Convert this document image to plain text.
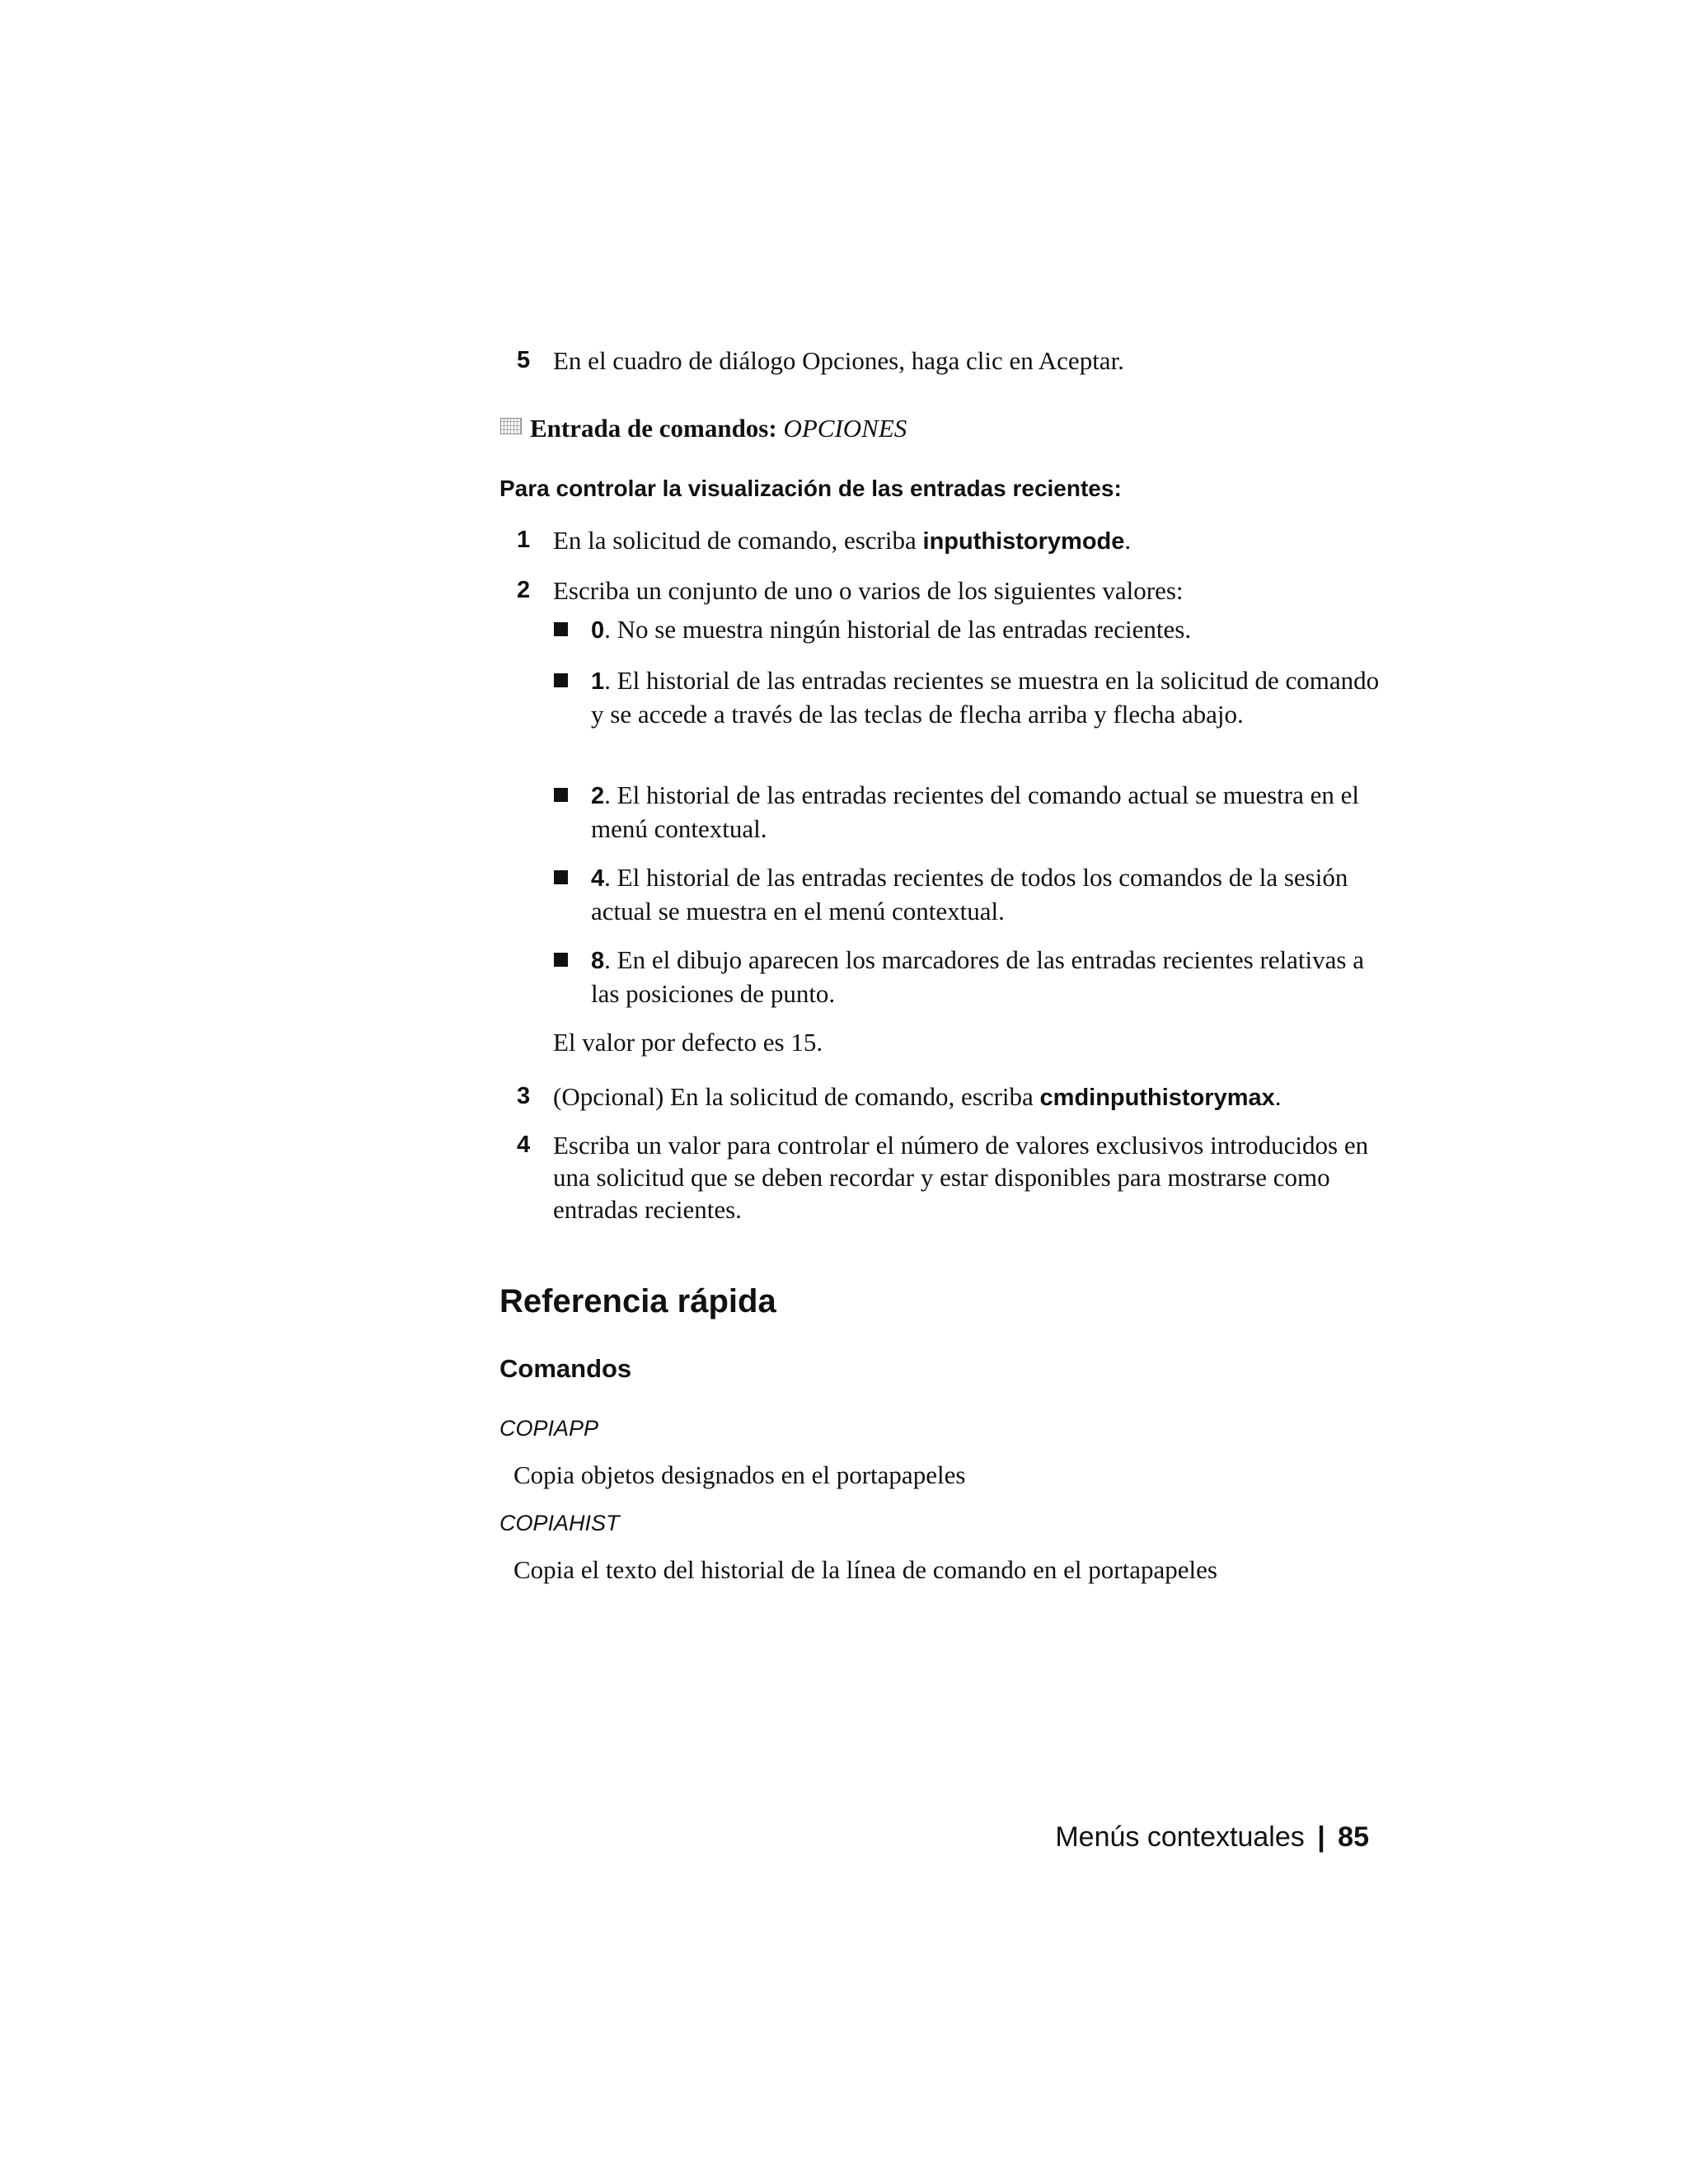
5 En el cuadro de diálogo Opciones, haga clic en Aceptar.
Entrada de comandos: OPCIONES
Para controlar la visualización de las entradas recientes:
1 En la solicitud de comando, escriba inputhistorymode.
2 Escriba un conjunto de uno o varios de los siguientes valores:
0. No se muestra ningún historial de las entradas recientes.
1. El historial de las entradas recientes se muestra en la solicitud de comando y se accede a través de las teclas de flecha arriba y flecha abajo.
2. El historial de las entradas recientes del comando actual se muestra en el menú contextual.
4. El historial de las entradas recientes de todos los comandos de la sesión actual se muestra en el menú contextual.
8. En el dibujo aparecen los marcadores de las entradas recientes relativas a las posiciones de punto.
El valor por defecto es 15.
3 (Opcional) En la solicitud de comando, escriba cmdinputhistorymax.
4 Escriba un valor para controlar el número de valores exclusivos introducidos en una solicitud que se deben recordar y estar disponibles para mostrarse como entradas recientes.
Referencia rápida
Comandos
COPIAPP
Copia objetos designados en el portapapeles
COPIAHIST
Copia el texto del historial de la línea de comando en el portapapeles
Menús contextuales | 85
